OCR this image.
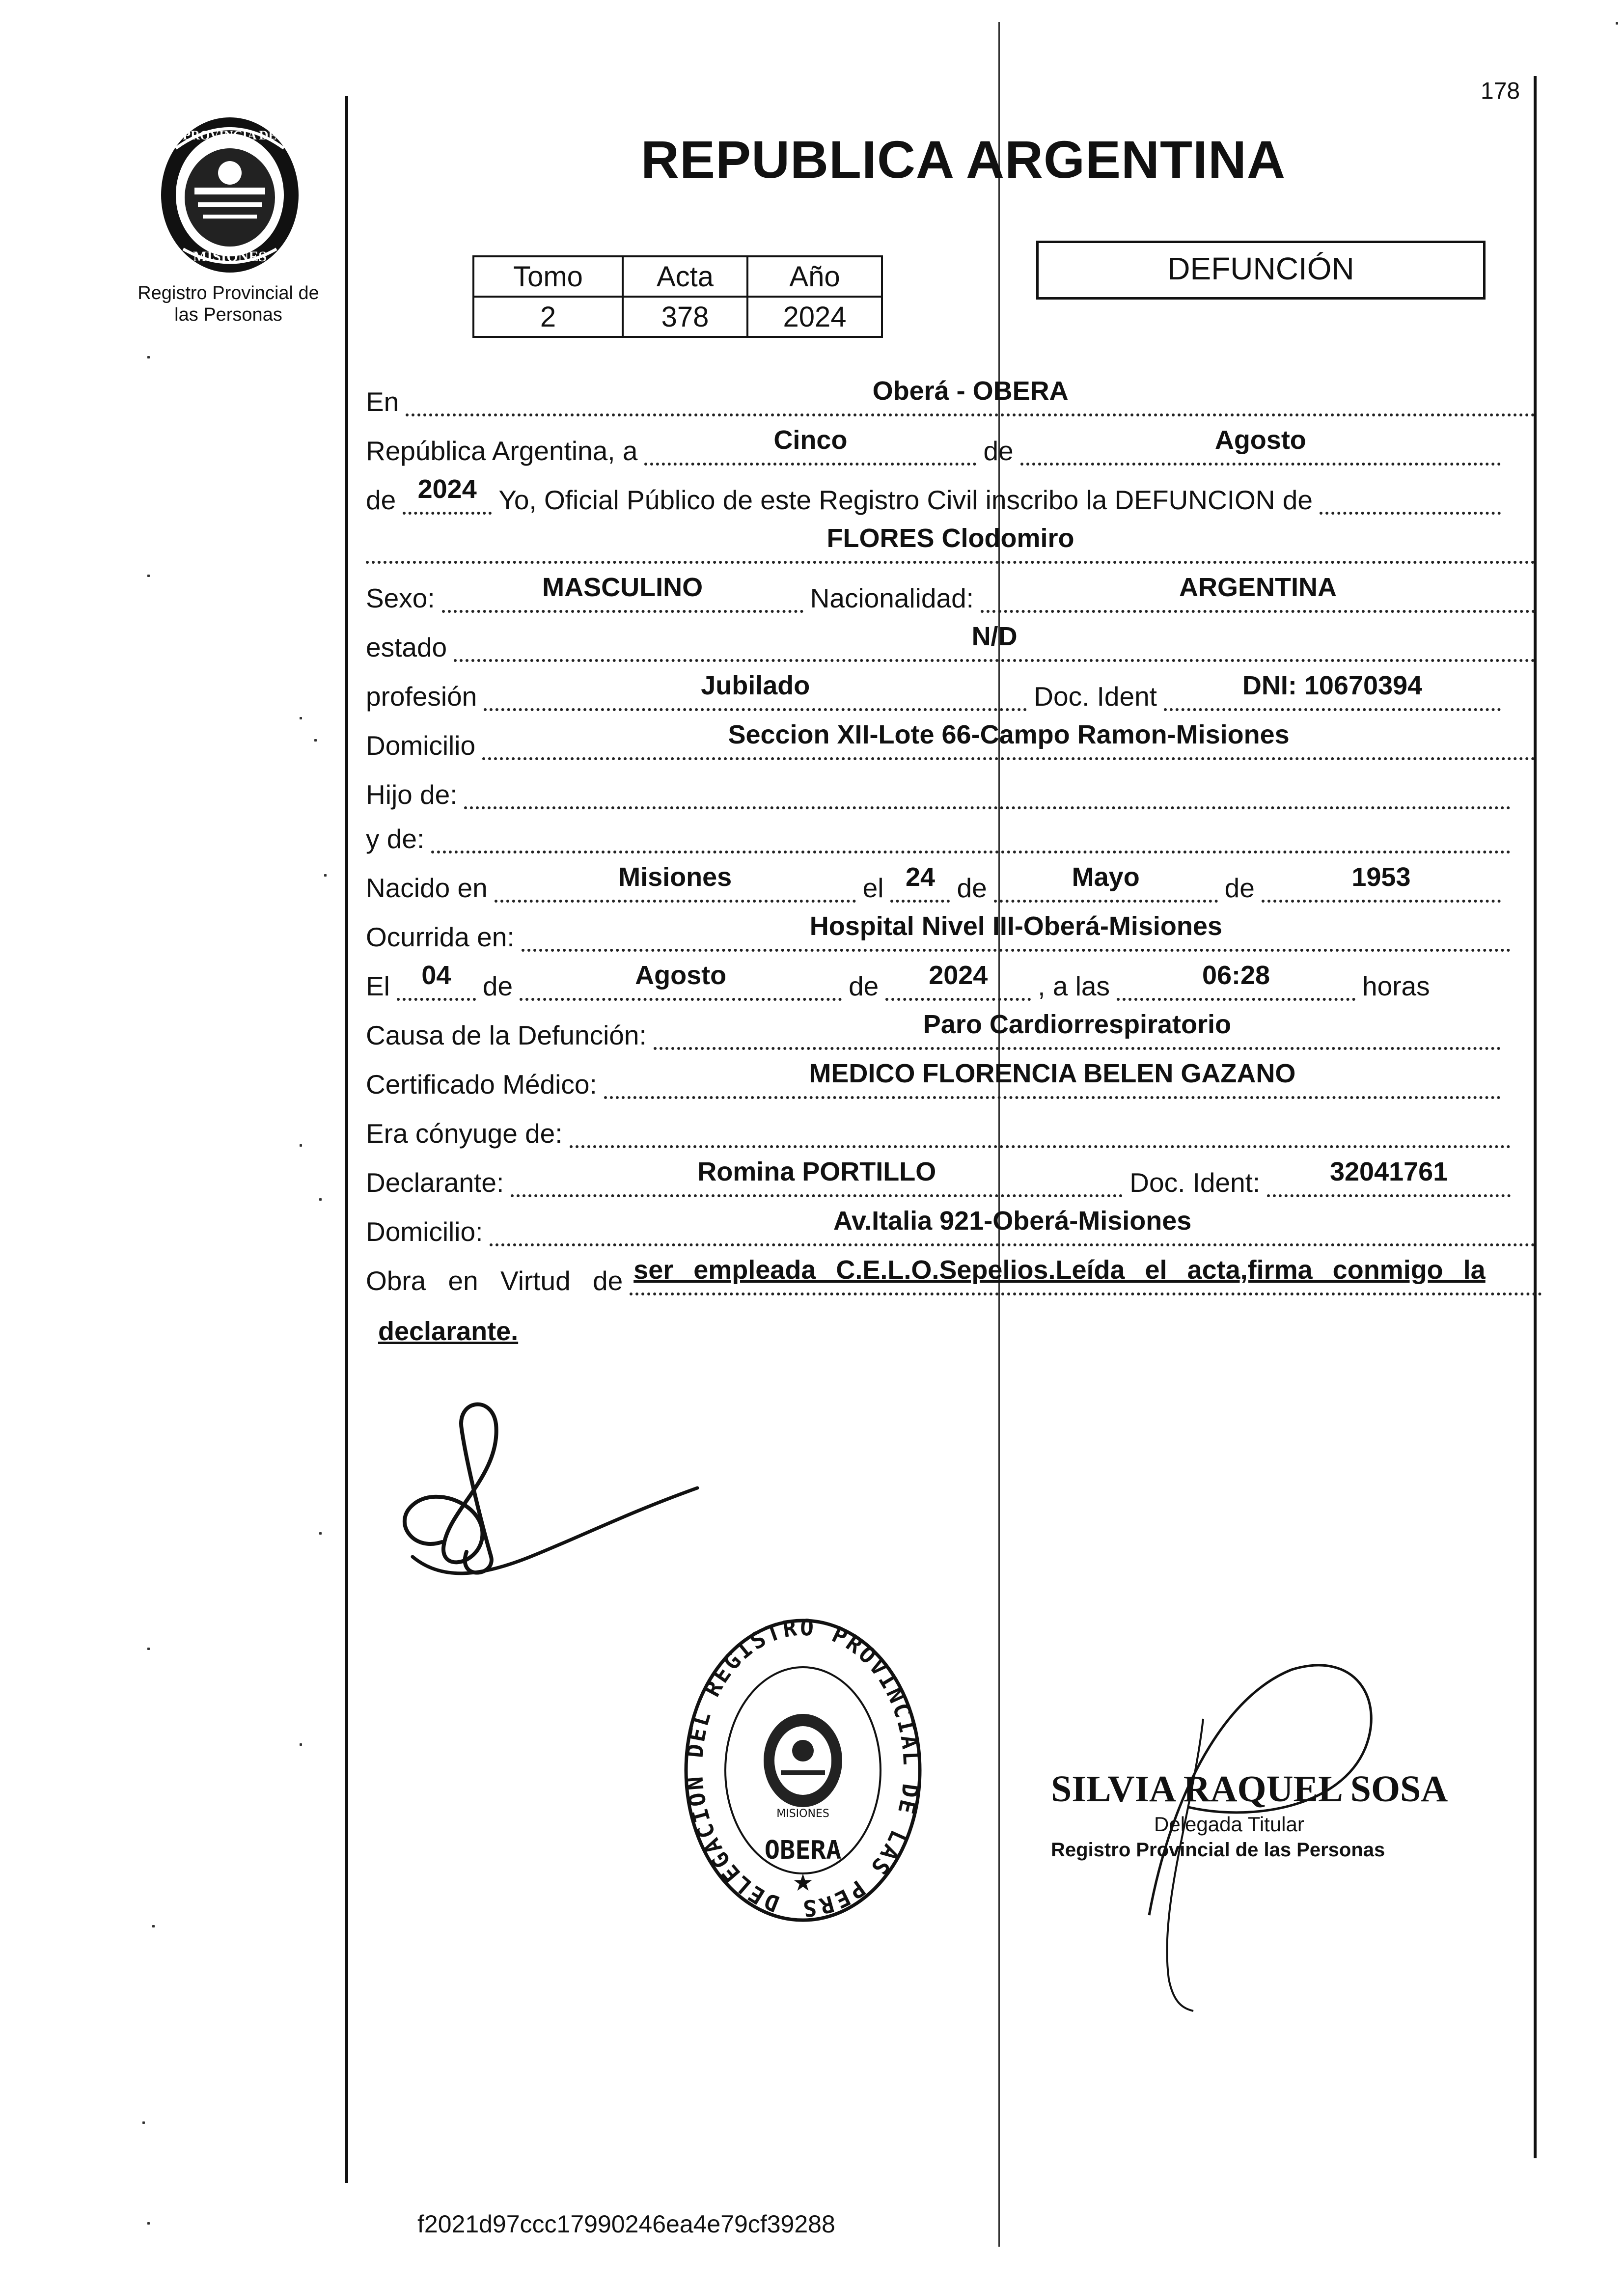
178
PROVINCIA DE
MISIONES
Registro Provincial de
las Personas
REPUBLICA ARGENTINA
Tomo	Acta	Año
2	378	2024
DEFUNCIÓN
En	Oberá - OBERA
República Argentina, a	Cinco	de	Agosto
de 2024 Yo, Oficial Público de este Registro Civil inscribo la DEFUNCION de
FLORES Clodomiro
Sexo:	MASCULINO	Nacionalidad:	ARGENTINA
estado	N/D
profesión	Jubilado	Doc. Ident	DNI: 10670394
Domicilio	Seccion XII-Lote 66-Campo Ramon-Misiones
Hijo de:
y de:
Nacido en	Misiones	el 24 de	Mayo	de	1953
Ocurrida en:	Hospital Nivel III-Oberá-Misiones
El 04 de	Agosto	de 2024 , a las	06:28	horas
Causa de la Defunción:	Paro Cardiorrespiratorio
Certificado Médico:	MEDICO FLORENCIA BELEN GAZANO
Era cónyuge de:
Declarante:	Romina PORTILLO	Doc. Ident:	32041761
Domicilio:	Av.Italia 921-Oberá-Misiones
Obra en Virtud de ser empleada C.E.L.O.Sepelios.Leída el acta,firma conmigo la
declarante.
DELEGACION DEL REGISTRO PROVINCIAL DE LAS PERS
MISIONES
OBERA
★
SILVIA RAQUEL SOSA
Delegada Titular
Registro Provincial de las Personas
f2021d97ccc17990246ea4e79cf39288
